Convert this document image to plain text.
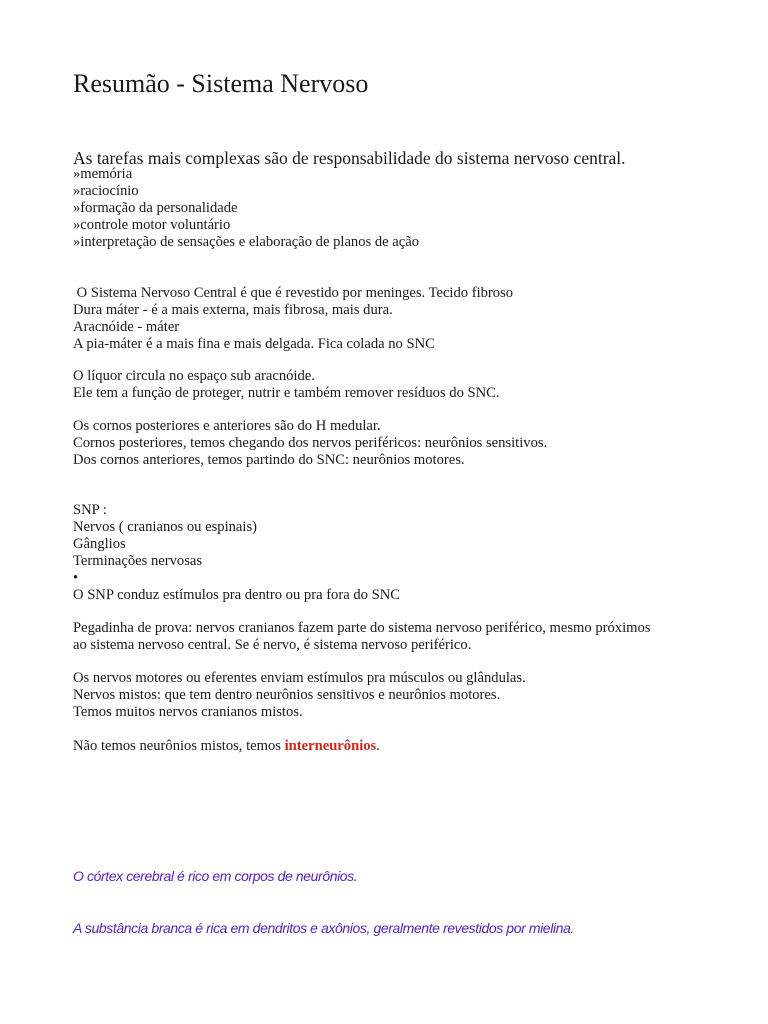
Resumão - Sistema Nervoso
As tarefas mais complexas são de responsabilidade do sistema nervoso central.
»memória
»raciocínio
»formação da personalidade
»controle motor voluntário
»interpretação de sensações e elaboração de planos de ação
O Sistema Nervoso Central é que é revestido por meninges. Tecido fibroso
Dura máter - é a mais externa, mais fibrosa, mais dura.
Aracnóide - máter
A pia-máter é a mais fina e mais delgada. Fica colada no SNC
O líquor circula no espaço sub aracnóide.
Ele tem a função de proteger, nutrir e também remover resíduos do SNC.
Os cornos posteriores e anteriores são do H medular.
Cornos posteriores, temos chegando dos nervos periféricos: neurônios sensitivos.
Dos cornos anteriores, temos partindo do SNC: neurônios motores.
SNP :
Nervos ( cranianos ou espinais)
Gânglios
Terminações nervosas
•
O SNP conduz estímulos pra dentro ou pra fora do SNC
Pegadinha de prova: nervos cranianos fazem parte do sistema nervoso periférico, mesmo próximos
ao sistema nervoso central. Se é nervo, é sistema nervoso periférico.
Os nervos motores ou eferentes enviam estímulos pra músculos ou glândulas.
Nervos mistos: que tem dentro neurônios sensitivos e neurônios motores.
Temos muitos nervos cranianos mistos.
Não temos neurônios mistos, temos interneurônios.
O córtex cerebral é rico em corpos de neurônios.
A substância branca é rica em dendritos e axônios, geralmente revestidos por mielina.
